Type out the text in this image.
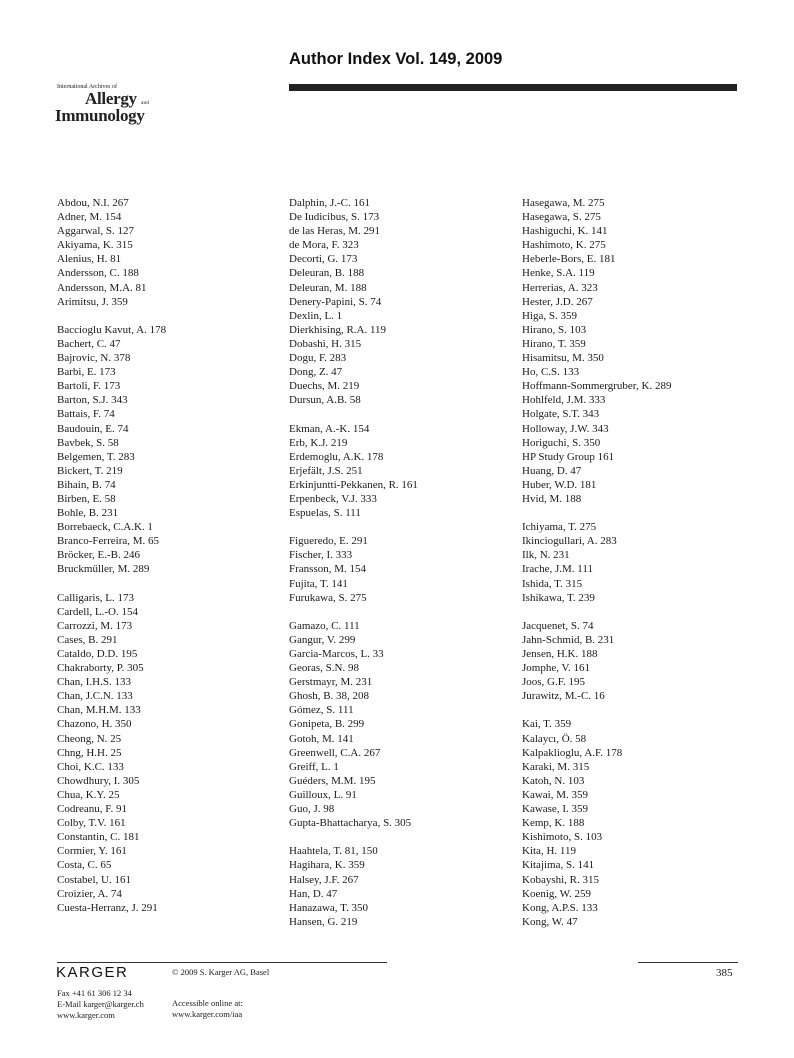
Author Index Vol. 149, 2009
International Archives of
Allergy and
Immunology
Abdou, N.I. 267
Adner, M. 154
Aggarwal, S. 127
Akiyama, K. 315
Alenius, H. 81
Andersson, C. 188
Andersson, M.A. 81
Arimitsu, J. 359
Baccioglu Kavut, A. 178
Bachert, C. 47
Bajrovic, N. 378
Barbi, E. 173
Bartoli, F. 173
Barton, S.J. 343
Battais, F. 74
Baudouin, E. 74
Bavbek, S. 58
Belgemen, T. 283
Bickert, T. 219
Bihain, B. 74
Birben, E. 58
Bohle, B. 231
Borrebaeck, C.A.K. 1
Branco-Ferreira, M. 65
Bröcker, E.-B. 246
Bruckmüller, M. 289
Calligaris, L. 173
Cardell, L.-O. 154
Carrozzi, M. 173
Cases, B. 291
Cataldo, D.D. 195
Chakraborty, P. 305
Chan, I.H.S. 133
Chan, J.C.N. 133
Chan, M.H.M. 133
Chazono, H. 350
Cheong, N. 25
Chng, H.H. 25
Choi, K.C. 133
Chowdhury, I. 305
Chua, K.Y. 25
Codreanu, F. 91
Colby, T.V. 161
Constantin, C. 181
Cormier, Y. 161
Costa, C. 65
Costabel, U. 161
Croizier, A. 74
Cuesta-Herranz, J. 291
Dalphin, J.-C. 161
De Iudicibus, S. 173
de las Heras, M. 291
de Mora, F. 323
Decorti, G. 173
Deleuran, B. 188
Deleuran, M. 188
Denery-Papini, S. 74
Dexlin, L. 1
Dierkhising, R.A. 119
Dobashi, H. 315
Dogu, F. 283
Dong, Z. 47
Duechs, M. 219
Dursun, A.B. 58
Ekman, A.-K. 154
Erb, K.J. 219
Erdemoglu, A.K. 178
Erjefält, J.S. 251
Erkinjuntti-Pekkanen, R. 161
Erpenbeck, V.J. 333
Espuelas, S. 111
Figueredo, E. 291
Fischer, I. 333
Fransson, M. 154
Fujita, T. 141
Furukawa, S. 275
Gamazo, C. 111
Gangur, V. 299
Garcia-Marcos, L. 33
Georas, S.N. 98
Gerstmayr, M. 231
Ghosh, B. 38, 208
Gómez, S. 111
Gonipeta, B. 299
Gotoh, M. 141
Greenwell, C.A. 267
Greiff, L. 1
Guéders, M.M. 195
Guilloux, L. 91
Guo, J. 98
Gupta-Bhattacharya, S. 305
Haahtela, T. 81, 150
Hagihara, K. 359
Halsey, J.F. 267
Han, D. 47
Hanazawa, T. 350
Hansen, G. 219
Hasegawa, M. 275
Hasegawa, S. 275
Hashiguchi, K. 141
Hashimoto, K. 275
Heberle-Bors, E. 181
Henke, S.A. 119
Herrerias, A. 323
Hester, J.D. 267
Higa, S. 359
Hirano, S. 103
Hirano, T. 359
Hisamitsu, M. 350
Ho, C.S. 133
Hoffmann-Sommergruber, K. 289
Hohlfeld, J.M. 333
Holgate, S.T. 343
Holloway, J.W. 343
Horiguchi, S. 350
HP Study Group 161
Huang, D. 47
Huber, W.D. 181
Hvid, M. 188
Ichiyama, T. 275
Ikinciogullari, A. 283
Ilk, N. 231
Irache, J.M. 111
Ishida, T. 315
Ishikawa, T. 239
Jacquenet, S. 74
Jahn-Schmid, B. 231
Jensen, H.K. 188
Jomphe, V. 161
Joos, G.F. 195
Jurawitz, M.-C. 16
Kai, T. 359
Kalaycı, Ö. 58
Kalpaklioglu, A.F. 178
Karaki, M. 315
Katoh, N. 103
Kawai, M. 359
Kawase, I. 359
Kemp, K. 188
Kishimoto, S. 103
Kita, H. 119
Kitajima, S. 141
Kobayshi, R. 315
Koenig, W. 259
Kong, A.P.S. 133
Kong, W. 47
KARGER
Fax +41 61 306 12 34
E-Mail karger@karger.ch
www.karger.com
© 2009 S. Karger AG, Basel
Accessible online at:
www.karger.com/iaa
385
